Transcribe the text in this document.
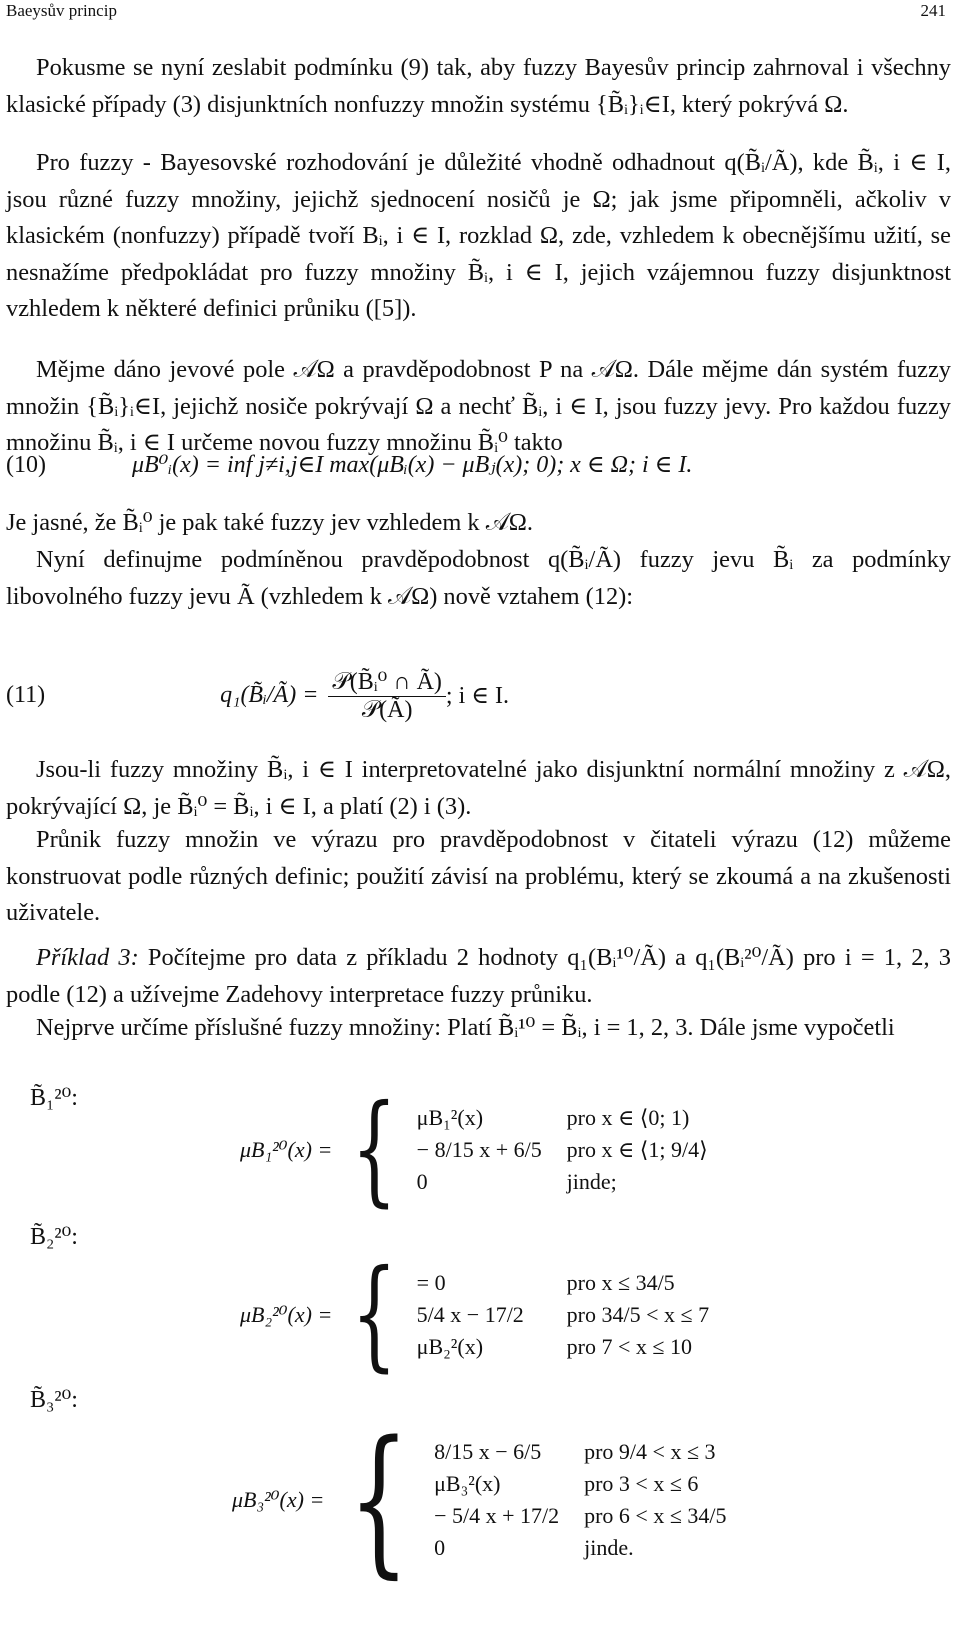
Baeysův princip	241
Pokusme se nyní zeslabit podmínku (9) tak, aby fuzzy Bayesův princip zahrnoval i všechny klasické případy (3) disjunktních nonfuzzy množin systému {B̃ᵢ}ᵢ∈I, který pokrývá Ω.
Pro fuzzy - Bayesovské rozhodování je důležité vhodně odhadnout q(B̃ᵢ/Ã), kde B̃ᵢ, i ∈ I, jsou různé fuzzy množiny, jejichž sjednocení nosičů je Ω; jak jsme připomněli, ačkoliv v klasickém (nonfuzzy) případě tvoří Bᵢ, i ∈ I, rozklad Ω, zde, vzhledem k obecnějšímu užití, se nesnažíme předpokládat pro fuzzy množiny B̃ᵢ, i ∈ I, jejich vzájemnou fuzzy disjunktnost vzhledem k některé definici průniku ([5]).
Mějme dáno jevové pole 𝒜Ω a pravděpodobnost P na 𝒜Ω. Dále mějme dán systém fuzzy množin {B̃ᵢ}ᵢ∈I, jejichž nosiče pokrývají Ω a nechť B̃ᵢ, i ∈ I, jsou fuzzy jevy. Pro každou fuzzy množinu B̃ᵢ, i ∈ I určeme novou fuzzy množinu B̃ᵢ⁰ takto
(10)	μB⁰ᵢ(x) = inf j≠i,j∈I max(μBᵢ(x) − μBⱼ(x); 0); x ∈ Ω; i ∈ I.
Je jasné, že B̃ᵢ⁰ je pak také fuzzy jev vzhledem k 𝒜Ω.
Nyní definujme podmíněnou pravděpodobnost q(B̃ᵢ/Ã) fuzzy jevu B̃ᵢ za podmínky libovolného fuzzy jevu Ã (vzhledem k 𝒜Ω) nově vztahem (12):
(11)	q₁(B̃ᵢ/Ã) = $\frac{\text{𝒫(B̃ᵢ⁰ ∩ Ã)}}{\text{𝒫(Ã)}}$ ; i ∈ I.
Jsou-li fuzzy množiny B̃ᵢ, i ∈ I interpretovatelné jako disjunktní normální množiny z 𝒜Ω, pokrývající Ω, je B̃ᵢ⁰ = B̃ᵢ, i ∈ I, a platí (2) i (3).
Průnik fuzzy množin ve výrazu pro pravděpodobnost v čitateli výrazu (12) můžeme konstruovat podle různých definic; použití závisí na problému, který se zkoumá a na zkušenosti uživatele.
Příklad 3: Počítejme pro data z příkladu 2 hodnoty q₁(Bᵢ¹⁰/Ã) a q₁(Bᵢ²⁰/Ã) pro i = 1, 2, 3 podle (12) a užívejme Zadehovy interpretace fuzzy průniku.
Nejprve určíme příslušné fuzzy množiny: Platí B̃ᵢ¹⁰ = B̃ᵢ, i = 1, 2, 3. Dále jsme vypočetli
B̃₁²⁰:
μB₁²⁰(x) = { μB₁²(x)	pro x ∈ ⟨0; 1)
− 8/15 x + 6/5	pro x ∈ ⟨1; 9/4⟩
0	jinde;
B̃₂²⁰:
μB₂²⁰(x) = { = 0	pro x ≤ 34/5
5/4 x − 17/2	pro 34/5 < x ≤ 7
μB₂²(x)	pro 7 < x ≤ 10
B̃₃²⁰:
μB₃²⁰(x) = { 8/15 x − 6/5	pro 9/4 < x ≤ 3
μB₃²(x)	pro 3 < x ≤ 6
− 5/4 x + 17/2	pro 6 < x ≤ 34/5
0	jinde.
